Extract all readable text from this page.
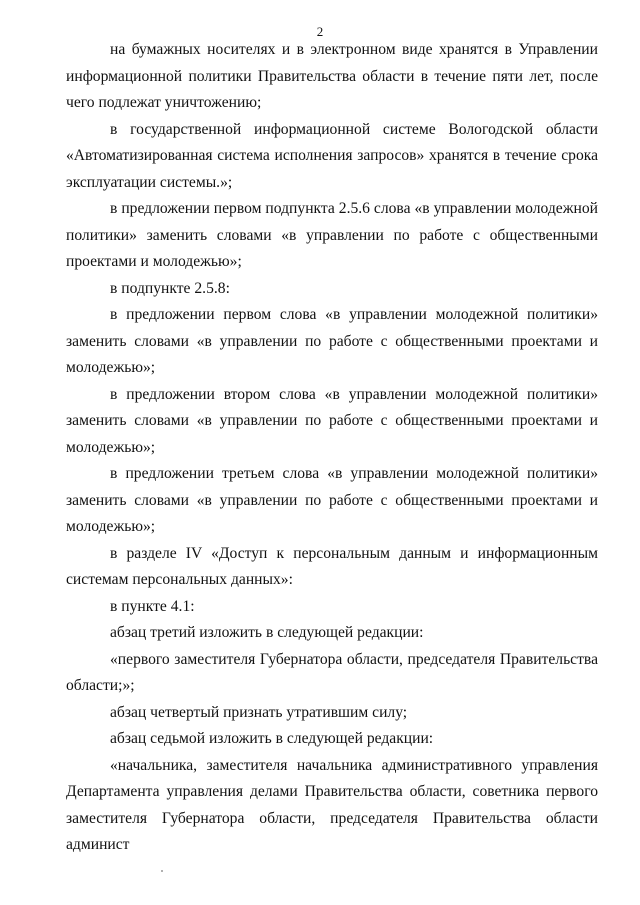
2

на бумажных носителях и в электронном виде хранятся в Управлении информационной политики Правительства области в течение пяти лет, после чего подлежат уничтожению;

в государственной информационной системе Вологодской области «Автоматизированная система исполнения запросов» хранятся в течение срока эксплуатации системы.»;

в предложении первом подпункта 2.5.6 слова «в управлении молодежной политики» заменить словами «в управлении по работе с общественными проектами и молодежью»;

в подпункте 2.5.8:

в предложении первом слова «в управлении молодежной политики» заменить словами «в управлении по работе с общественными проектами и молодежью»;

в предложении втором слова «в управлении молодежной политики» заменить словами «в управлении по работе с общественными проектами и молодежью»;

в предложении третьем слова «в управлении молодежной политики» заменить словами «в управлении по работе с общественными проектами и молодежью»;

в разделе IV «Доступ к персональным данным и информационным системам персональных данных»:

в пункте 4.1:

абзац третий изложить в следующей редакции:

«первого заместителя Губернатора области, председателя Правительства области;»;

абзац четвертый признать утратившим силу;

абзац седьмой изложить в следующей редакции:

«начальника, заместителя начальника административного управления Департамента управления делами Правительства области, советника первого заместителя Губернатора области, председателя Правительства области админист
